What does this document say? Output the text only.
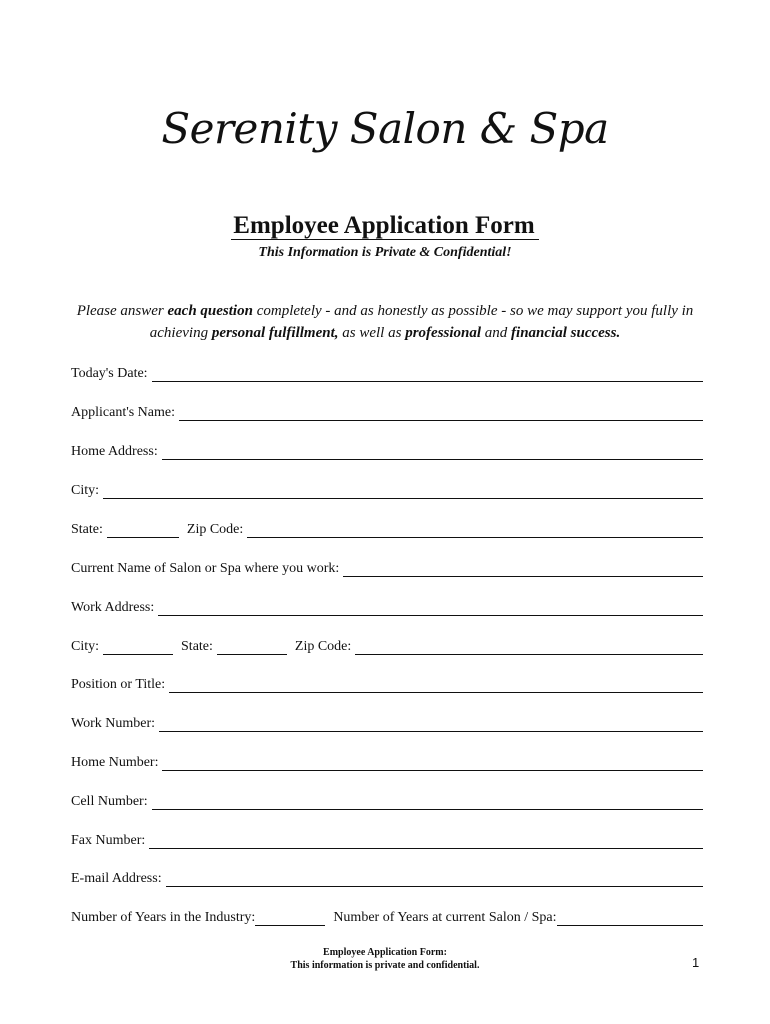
Serenity Salon & Spa
Employee Application Form
This Information is Private & Confidential!
Please answer each question completely - and as honestly as possible - so we may support you fully in achieving personal fulfillment, as well as professional and financial success.
Today's Date:
Applicant's Name:
Home Address:
City:
State:	Zip Code:
Current Name of Salon or Spa where you work:
Work Address:
City:	State:	Zip Code:
Position or Title:
Work Number:
Home Number:
Cell Number:
Fax Number:
E-mail Address:
Number of Years in the Industry:	Number of Years at current Salon / Spa:
Employee Application Form:
This information is private and confidential.	1
